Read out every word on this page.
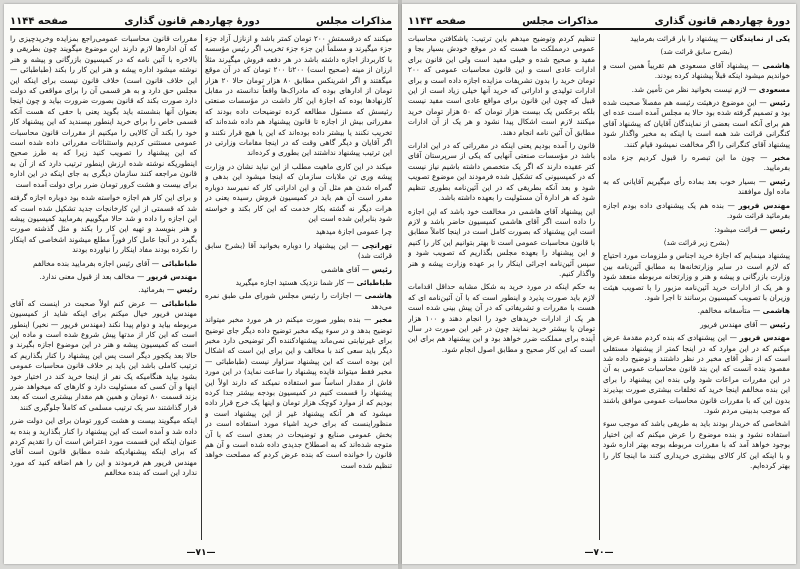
مذاكرات مجلس
دورهٔ چهاردهم قانون گذاری
صفحه ۱۱۴۴

میکنند که درقسمتش ۲۰۰ تومان کمتر باشد و ازنازل آزاد جزء جزء میگیرند و مسلماً این جزء جزء تخریب اگر رئیس مؤسسه با کاربرداز اجازه داشته باشد در هر دفعه فروش میگیرند مثلاً ارزان از مینه (صحیح است) ۲۰۰تا ۲۰۰ تومان که در آن موقع میگفتند و اگر اشرینکس مطابق ۸۰ هزار تومان حالا ۲۰ هزار تومان از ادارهای بوده که مادراک‌ها واقعاً ندانسته در مقابل کارنهادها بوده که اجازهٔ این کار داشت در مؤسسات صنعتی رئیسش که مسئول مطالعه کرده توضیحات داده بودند که مقرراتی بیش از اجازه تا قانون پیشنهاد هم داده شده‌اند که تخریب نکنند یا بیشتر داده بوده‌اند که این یا هیچ قرار نکنند و اگر آقایان و دیگر گاهی وقت که در اینجا مقامات وزارتی در این ترتیب پیشنهاد نداشتند این بطوری و کرده‌اند

میکند در این کاری ماهیت مطلب از این نباید نشان در وزارت پیشه وری تن ملابات سازمان که اینجا میشود این بدهی و گمراه شدن هم مثل آن و این اداراتی کار که نمیرسد دوباره مقرر است آن هم باید در کمیسیون فروش رسیده یعنی در هرات دیگر نه گشته بکار خدمت که این کار بکند و خواسته شود بنابراین شده است این

چرا عمومی اجازهٔ میدهید

تهرانچی — این پیشنهاد را دوباره بخوانید آقا (بشرح سابق قرائت شد)

رئیس — آقای هاشمی

طباطبائی — کار شما نزدیک هستید اجازه میگیرید

هاشمی — اجازات را رئیس مجلس شورای ملی طبق نمره می‌دهد

مخبر — بنده بطور صورت میکنم در هر مورد مخبر میتواند توضیح بدهد و در سوء ییکه مخبر توضیح داده دیگر جای توضیح برای غیرنیابتی نمی‌ماند پیشنهادکننده اگر توضیحی دارد مخبر دیگر باید سعی کند با مخالف و این برای این است که اشکال این بوده است که این پیشنهاد سزاوار نیست (طباطبائی — مخبر فقط میتواند فایده پیشنهاد را ساعت نماید) در این مورد فاش از مقدار اساساً سو استفاده نمیکند که دارند اولاً این پیشنهاد را قسمت کنیم در کمیسیون بودجه بیشتر جدا کرده بودیم که از موارد کوچک هزار تومان و اینها یک خرج قرار داده میشود که هر آنکه پیشنهاد غیر از این پیشنهاد است و منظوراینست که برای خرید اشیاء مورد استفاده است در بخش عمومی صنایع و توضیحات در بعدی است که با آن متوجه شده‌اند که به اصطلاح جدیدی داده شده است و آن هم قانون را خوانده است که بنده عرض کردم که مصلحت خواهد تنظیم شده است

مقررات قانون محاسبات عمومی‌راجع بمزایده وخریدچیزی را که آن اداره‌ها لازم دارند این موضوع میگویند چون بطریقی و بالاخره با آئین نامه که در کمیسیون بازرگانی و پیشه و هنر نوشته میشود اداره پیشه و هنر این کار را بکند (طباطبائی — این خلاف قانون است) خلاف قانون نیست برای اینکه این مجلس حق دارد و به هر قسمی آن را برای مواقعی که دولت دارد صورت بکند که قانون بصورت ضرورت بیاید و چون اینجا بعنوان آنها بنشسته باید بگوید یعنی با حقی که هست آنکه قسمی خاص را برای خرید اینطور بپسندید که این پیشنهاد کار خود را بکند آن کالایی را میکنیم از مقررات قانون محاسبات عمومی مستثنی کردیم واستثنائات مقرراتی داده شده است که این پیشنهاد را تصویب کنید زیرا که به طرز صحیح اینطوریکه نوشته شده ارزش اینطور ترتیب دارد که از آن به قانون مراجعه کنند سازمان دیگری به جای اینکه در این اداره برای بیست و هشت کرور تومان ضرر برای دولت آمده است

و برای این کار هم اجازه خواسته شده بود دوباره اجازه گرفته شد که قسمتی از این کارخانجات جدید تشکیل شده است که این اجازه را داده و شد حالا میگوییم بفرمایید کمیسیون پیشه و هنر بنویسد و تهیه این کار را بکند و مثل گذشته صورت بگیرد در آنجا عامل کار فوراً مطلع میشوند اشخاصی که اینکار را نکرده بودند مفاد اینکار را نیاورده بودند

طباطبائی — آقای رئیس اجازه بفرمایید بنده مخالفم

مهندس فریور — مخالف بعد از قبول معنی ندارد.

رئیس — بفرمائید.

طباطبائی — عرض کنم اولاً صحبت در اینست که آقای مهندس فریور خیال میکنم برای اینکه شاید از کمیسیون مربوطه بیاید و دوام پیدا نکند (مهندس فریور — نخیر) اینطور است که این کار از مدتها پیش شروع شده است و ماده این است که کمیسیون پیشه و هنر در این موضوع اجازه بگیرند و حالا بعد یکجور دیگر است پس این پیشنهاد را کنار بگذاریم که ترتیب کاملی باشد این باید بر خلاف قانون محاسبات عمومی بشود بیاید هنگامیکه یک نفر از اینجا خرید کند در اختیار خود اینها و آن کسی که مسئولیت دارد و کارهای که میخواهد ضرر بزند قسمت ۸۰ تومان و همین هم مقدار بیشتری است که بعد قرار گذاشتند سر یک ترتیب مسلمی که کاملاً جلوگیری کنند

اینکه میگویند بیست و هشت کرور تومان برای این دولت ضرر داده شد و آمده است که این پیشنهاد را کنار بگذارید و بنده به عنوان اینکه این قسمت مورد اعتراض است آن را تقدیم کردم که برای اینکه پیشنهادیکه شده مطابق قانون است آقای مهندس فریور هم فرمودند و این را هم اضافه کنید که مورد ندارد این است که بنده مخالفم

—۷۱—
دورهٔ چهاردهم قانون گذاری
مذاكرات مجلس
صفحه ۱۱۴۳

یکی از نمایندگان — پیشنهاد را بار قرائت بفرمایید

(بشرح سابق قرائت شد)

هاشمی — پیشنهاد آقای مسعودی هم تقریباً همین است و خواندیم میشود اینکه قبلاً پیشنهاد کرده بودند.

مسعودی — لازم نیست بخوانید نظر من تأمین شد.

رئیس — این موضوع درهیئت رئیسه هم مفصلاً صحبت شده بود و تصمیم گرفته شده بود حالا به مجلس آمده است عده ای هم برای آنکه است بعضی از نمایندگان آقایان که پیشنهاد آقای کنگرانی قرائت شد همه است یا اینکه به مخبر واگذار شود پیشنهاد آقای کنگرانی را اگر مخالفت نمیشود قیام کنند.

مخبر — چون ما این تبصره را قبول کردیم جزء ماده بفرمایید.

رئیس — بسیار خوب بعد بماده رأی میگیریم آقایانی که به ماده اول موافقند

مهندس فریور — بنده هم یک پیشنهادی داده بودم اجازه بفرمائید قرائت شود.

رئیس — قرائت میشود:

(بشرح زیر قرائت شد)

پیشنهاد مینمایم که اجازهٔ خرید اجناس و ملزومات مورد احتیاج که لازم است در سایر وزارتخانه‌ها به مطابق آئین‌نامه بین وزارت بازرگانی و پیشه و هنر و وزارتخانه مربوطه منعقد شود و هر یک از ادارات خرید آئین‌نامه مزبور را با تصویب هیئت وزیران با تصویب کمیسیون برسانند تا اجرا شود.

هاشمی — متأسفانه مخالفم.

رئیس — آقای مهندس فریور

مهندس فریور — این پیشنهادی که بنده کردم مقدمهٔ عرض میکنم که در این موارد که در اینجا کمتر از پیشنهاد مستقلی است که از نظر آقای مخبر در نظر داشتند و توضیح داده شد مقصود بنده آنست که این بند قانون محاسبات عمومی به آن در این مقررات مراعات شود ولی بنده این پیشنهاد را برای این بنده مخالفم اینجا خرید که تخلفات بیشتری صورت بپذیرند بدون این که با مقررات قانون محاسبات عمومی موافق باشند که موجب بدبینی مردم شود.

اشخاصی که خریدار بودند باید به طریقی باشد که موجب سوء استفاده نشود و بنده موضوع را عرض میکنم که این اختیار بوجود خواهد آمد که با مقررات مربوطه بوجه بهتر اداره شود و با اینکه این کار کالای بیشتری خریداری کنند ما اینجا کار را بهتر کرده‌ایم.

تنظیم کردم وتوضیح میدهم باین ترتیب: یاشکافتن محاسبات عمومی درمملکت ما هست که در موقع خودش بسیار بجا و مفید و صحیح شده و خیلی مفید است ولی این قانون برای ادارات عادی است و این قانون محاسبات عمومی که ۲۰۰ تومان خرید را بدون تشریفات مزایده اجازه داده است و برای ادارات تولیدی و اداراتی که خرید آنها خیلی زیاد است از این قبیل که چون این قانون برای مواقع عادی است مفید نیست بلکه برعکس یک بیست هزار تومان که ۵۰ هزار تومان خرید میکنند لازم است اشکال پیدا نشود و هر یک از آن ادارات مطابق آن آئین نامه انجام دهند.

قانون را آمده بودیم یعنی اینکه در مقرراتی که در این ادارات باشد در مؤسسات صنعتی آنهایی که یکی از سرپرستان آقای کتر عقیده دارند که اگر یک متخصص داشته باشیم نیاز نیست که در کمیسیونی که تشکیل شده فرمودند این موضوع تصویب شود و بعد آنکه بطریقی که در این آئین‌نامه بطوری تنظیم شود که هر ادارهٔ آن مسئولیت را بعهده داشته باشد.

این پیشنهاد آقای هاشمی در مخالفت خود باشد که این اجازه را داده است اگر آقای هاشمی کمیسیون حاضر باشد و لازم است این پیشنهاد که بصورت کامل است در اینجا کاملاً مطابق با قانون محاسبات عمومی است تا بهتر بتوانیم این کار را کنیم و این پیشنهاد را بعهده مجلس بگذاریم که تصویب شود و سپس آئین‌نامه اجرائی اینکار را بر عهده وزارت پیشه و هنر واگذار کنیم.

به حکم اینکه در مورد خرید به شکل مشابه حداقل اقدامات لازم باید صورت پذیرد و اینطور است که با آن آئین‌نامه ای که هست با مقررات و تشریفاتی که در آن پیش بینی شده است هر یک از ادارات خریدهای خود را انجام دهند و ۱۰۰ هزار تومان یا بیشتر خرید نمایند چون در غیر این صورت در سال آینده برای مملکت ضرر خواهد بود و این پیشنهاد هم برای این است که این کار صحیح و مطابق اصول انجام شود.

—۷۰—
